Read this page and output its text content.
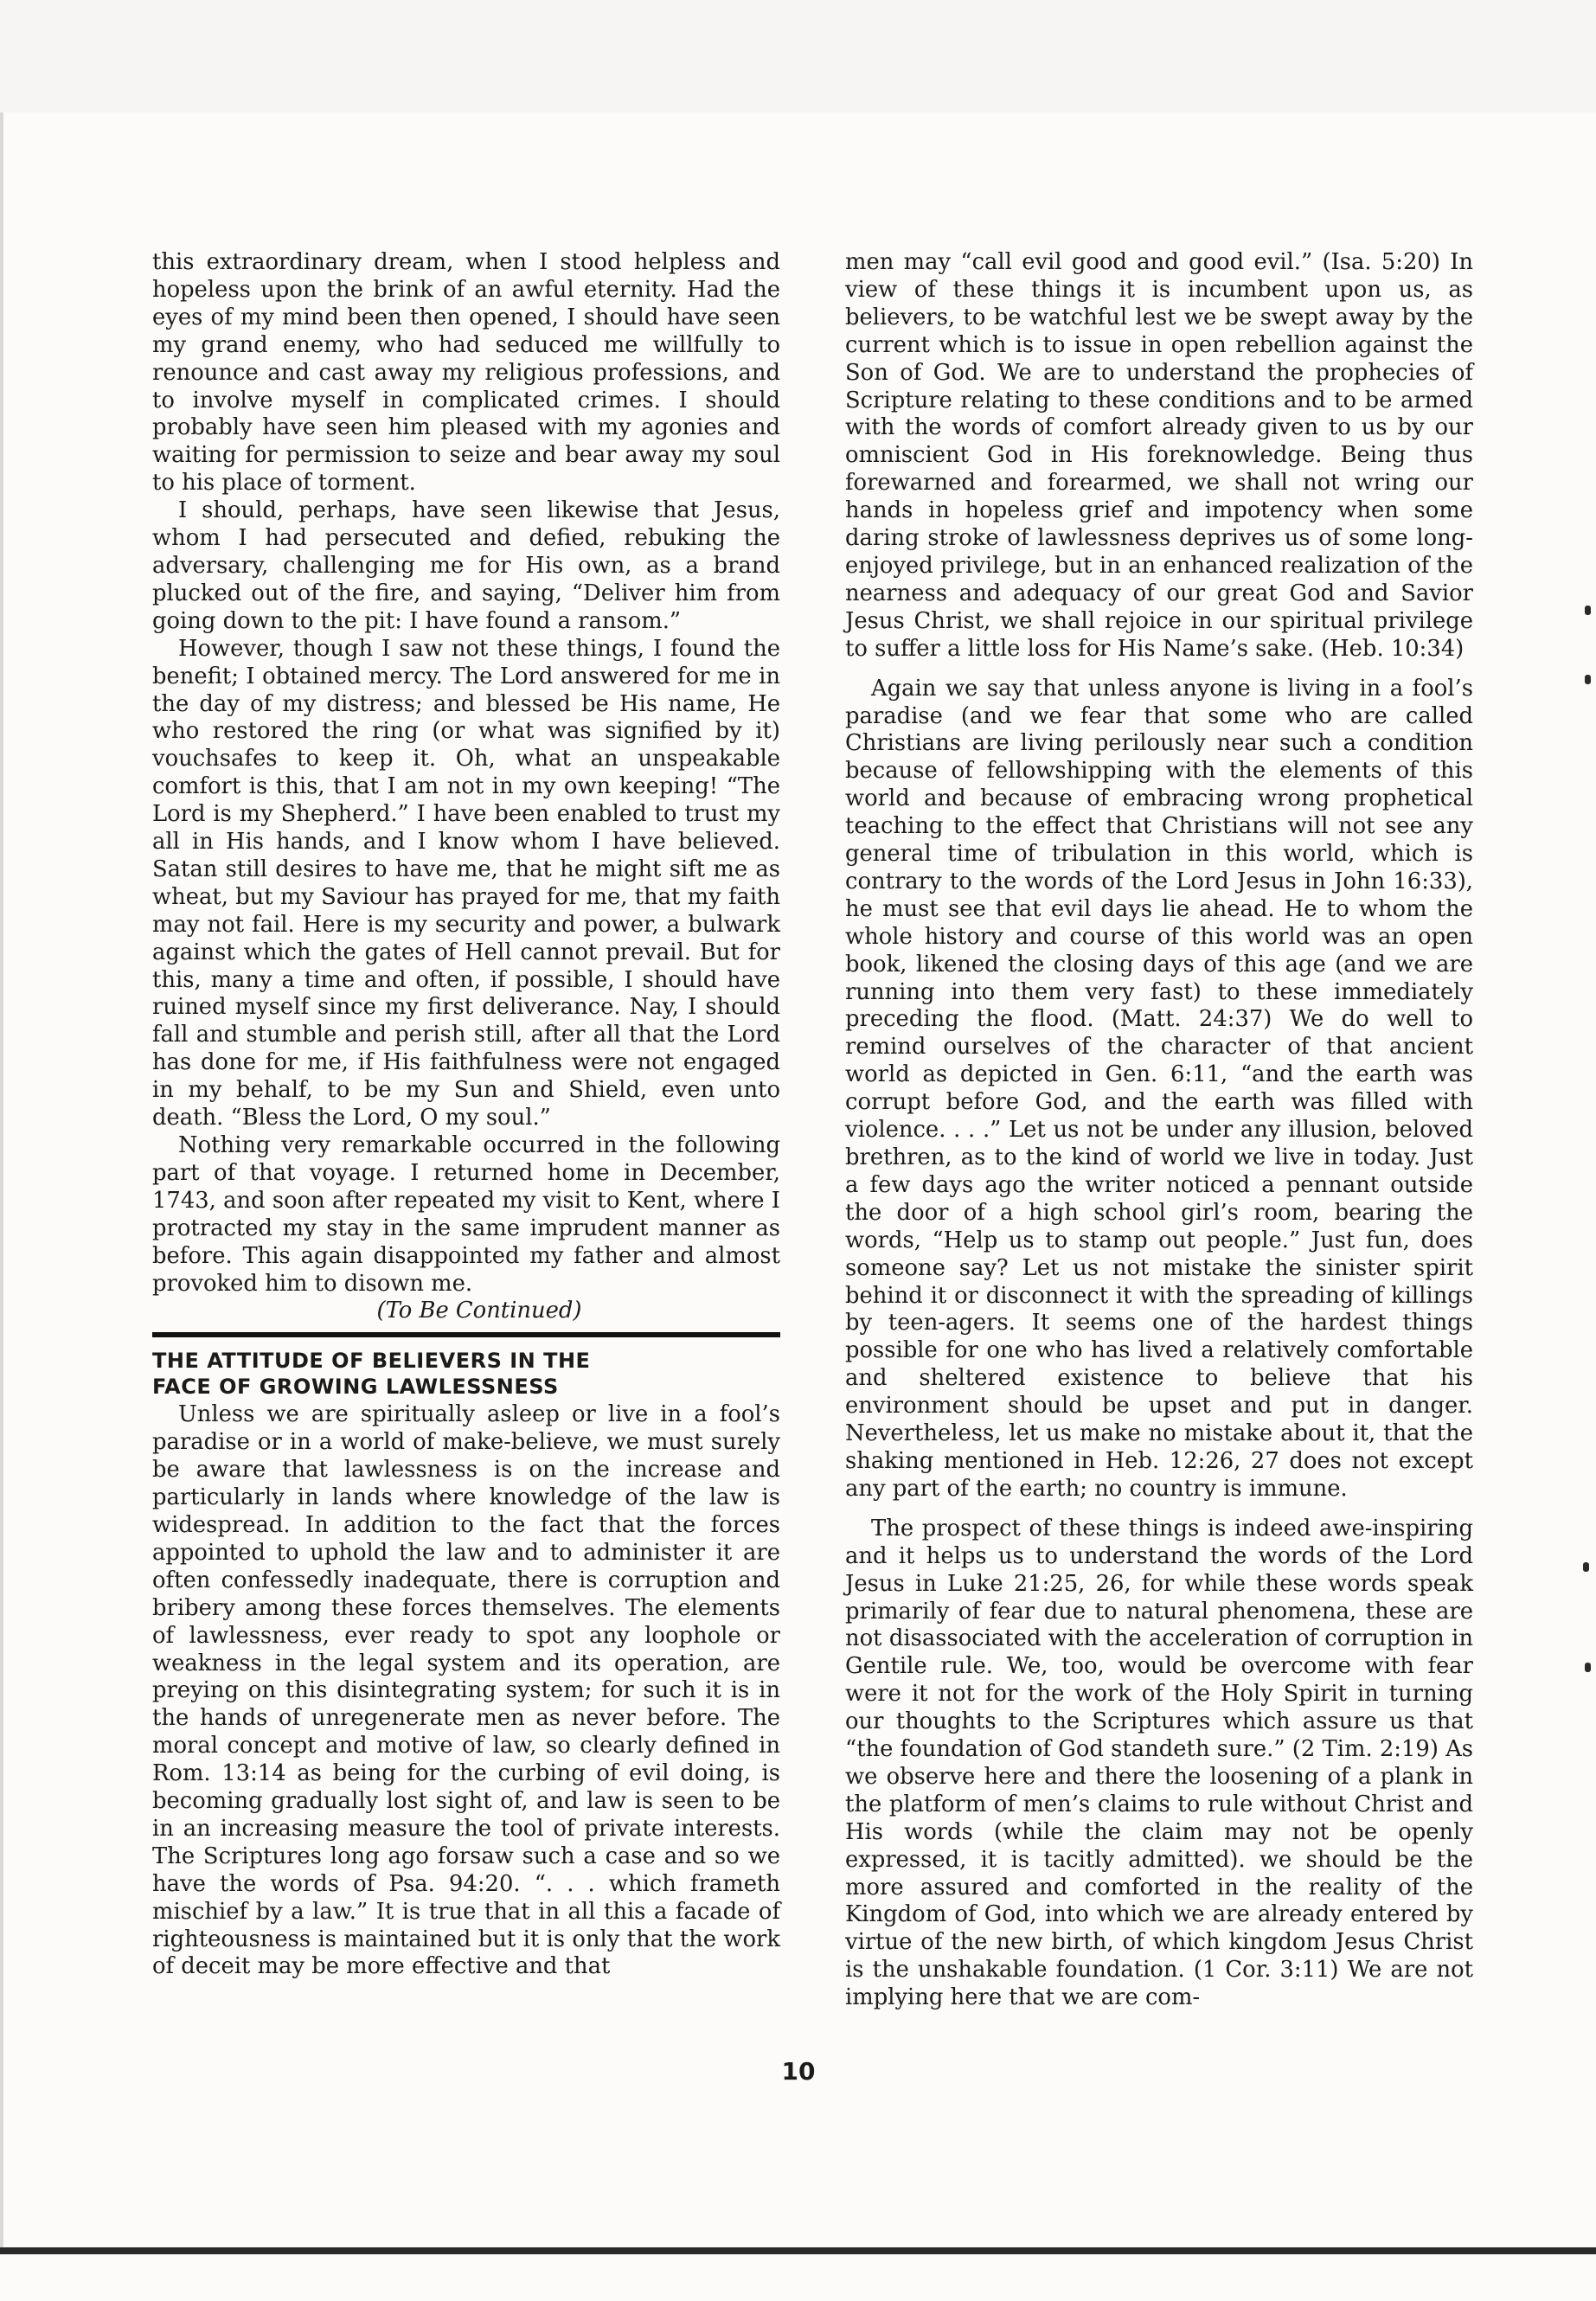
this extraordinary dream, when I stood helpless and hopeless upon the brink of an awful eternity. Had the eyes of my mind been then opened, I should have seen my grand enemy, who had seduced me willfully to renounce and cast away my religious professions, and to involve myself in complicated crimes. I should probably have seen him pleased with my agonies and waiting for permission to seize and bear away my soul to his place of torment.

I should, perhaps, have seen likewise that Jesus, whom I had persecuted and defied, rebuking the adversary, challenging me for His own, as a brand plucked out of the fire, and saying, “Deliver him from going down to the pit: I have found a ransom.”

However, though I saw not these things, I found the benefit; I obtained mercy. The Lord answered for me in the day of my distress; and blessed be His name, He who restored the ring (or what was signified by it) vouchsafes to keep it. Oh, what an unspeakable comfort is this, that I am not in my own keeping! “The Lord is my Shepherd.” I have been enabled to trust my all in His hands, and I know whom I have believed. Satan still desires to have me, that he might sift me as wheat, but my Saviour has prayed for me, that my faith may not fail. Here is my security and power, a bulwark against which the gates of Hell cannot prevail. But for this, many a time and often, if possible, I should have ruined myself since my first deliverance. Nay, I should fall and stumble and perish still, after all that the Lord has done for me, if His faithfulness were not engaged in my behalf, to be my Sun and Shield, even unto death. “Bless the Lord, O my soul.”

Nothing very remarkable occurred in the following part of that voyage. I returned home in December, 1743, and soon after repeated my visit to Kent, where I protracted my stay in the same imprudent manner as before. This again disappointed my father and almost provoked him to disown me.

(To Be Continued)

THE ATTITUDE OF BELIEVERS IN THE
FACE OF GROWING LAWLESSNESS

Unless we are spiritually asleep or live in a fool’s paradise or in a world of make-believe, we must surely be aware that lawlessness is on the increase and particularly in lands where knowledge of the law is widespread. In addition to the fact that the forces appointed to uphold the law and to administer it are often confessedly inadequate, there is corruption and bribery among these forces themselves. The elements of lawlessness, ever ready to spot any loophole or weakness in the legal system and its operation, are preying on this disintegrating system; for such it is in the hands of unregenerate men as never before. The moral concept and motive of law, so clearly defined in Rom. 13:14 as being for the curbing of evil doing, is becoming gradually lost sight of, and law is seen to be in an increasing measure the tool of private interests. The Scriptures long ago forsaw such a case and so we have the words of Psa. 94:20. “. . . which frameth mischief by a law.” It is true that in all this a facade of righteousness is maintained but it is only that the work of deceit may be more effective and that

men may “call evil good and good evil.” (Isa. 5:20) In view of these things it is incumbent upon us, as believers, to be watchful lest we be swept away by the current which is to issue in open rebellion against the Son of God. We are to understand the prophecies of Scripture relating to these conditions and to be armed with the words of comfort already given to us by our omniscient God in His foreknowledge. Being thus forewarned and forearmed, we shall not wring our hands in hopeless grief and impotency when some daring stroke of lawlessness deprives us of some long-enjoyed privilege, but in an enhanced realization of the nearness and adequacy of our great God and Savior Jesus Christ, we shall rejoice in our spiritual privilege to suffer a little loss for His Name’s sake. (Heb. 10:34)

Again we say that unless anyone is living in a fool’s paradise (and we fear that some who are called Christians are living perilously near such a condition because of fellowshipping with the elements of this world and because of embracing wrong prophetical teaching to the effect that Christians will not see any general time of tribulation in this world, which is contrary to the words of the Lord Jesus in John 16:33), he must see that evil days lie ahead. He to whom the whole history and course of this world was an open book, likened the closing days of this age (and we are running into them very fast) to these immediately preceding the flood. (Matt. 24:37) We do well to remind ourselves of the character of that ancient world as depicted in Gen. 6:11, “and the earth was corrupt before God, and the earth was filled with violence. . . .” Let us not be under any illusion, beloved brethren, as to the kind of world we live in today. Just a few days ago the writer noticed a pennant outside the door of a high school girl’s room, bearing the words, “Help us to stamp out people.” Just fun, does someone say? Let us not mistake the sinister spirit behind it or disconnect it with the spreading of killings by teen-agers. It seems one of the hardest things possible for one who has lived a relatively comfortable and sheltered existence to believe that his environment should be upset and put in danger. Nevertheless, let us make no mistake about it, that the shaking mentioned in Heb. 12:26, 27 does not except any part of the earth; no country is immune.

The prospect of these things is indeed awe-inspiring and it helps us to understand the words of the Lord Jesus in Luke 21:25, 26, for while these words speak primarily of fear due to natural phenomena, these are not disassociated with the acceleration of corruption in Gentile rule. We, too, would be overcome with fear were it not for the work of the Holy Spirit in turning our thoughts to the Scriptures which assure us that “the foundation of God standeth sure.” (2 Tim. 2:19) As we observe here and there the loosening of a plank in the platform of men’s claims to rule without Christ and His words (while the claim may not be openly expressed, it is tacitly admitted). we should be the more assured and comforted in the reality of the Kingdom of God, into which we are already entered by virtue of the new birth, of which kingdom Jesus Christ is the unshakable foundation. (1 Cor. 3:11) We are not implying here that we are com-

10
